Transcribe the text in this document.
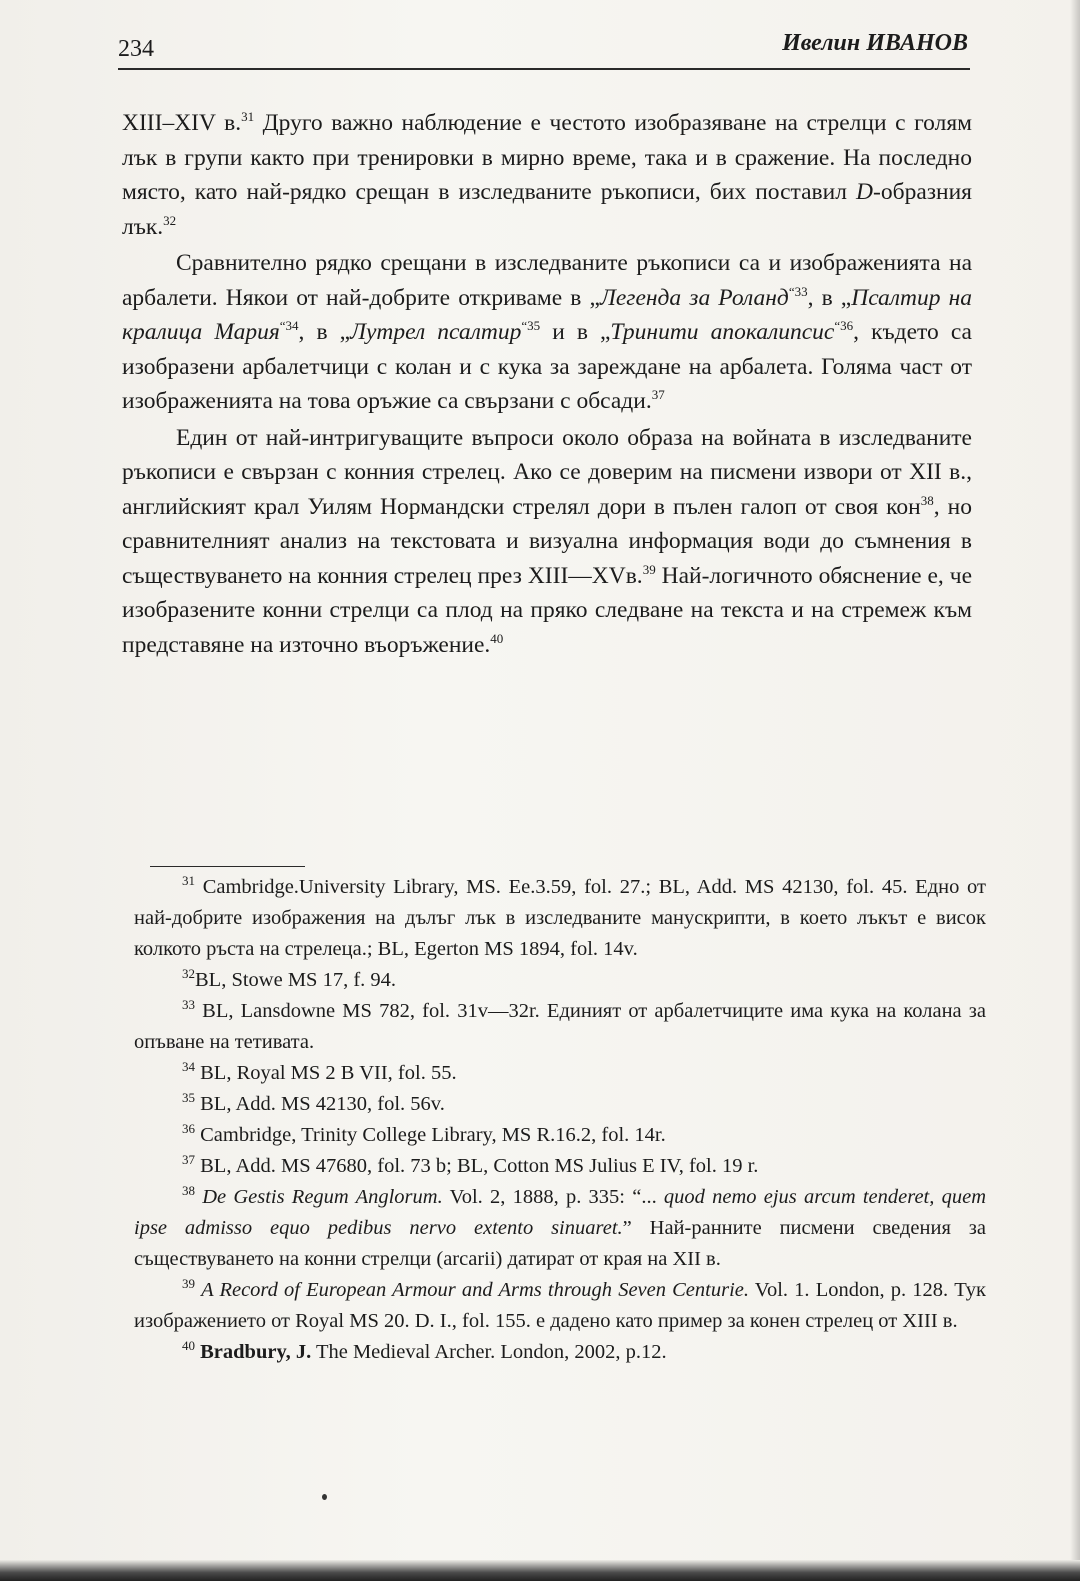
234	Ивелин ИВАНОВ

XIII–XIV в.$^{31}$ Друго важно наблюдение е честото изобразяване на стрелци с голям лък в групи както при тренировки в мирно време, така и в сражение. На последно място, като най-рядко срещан в изследваните ръкописи, бих поставил D-образния лък.$^{32}$

Сравнително рядко срещани в изследваните ръкописи са и изображенията на арбалети. Някои от най-добрите откриваме в „Легенда за Роланд$^{“33}$, в „Псалтир на кралица Мария$^{“34}$, в „Лутрел псалтир$^{“35}$ и в „Тринити апокалипсис$^{“36}$, където са изобразени арбалетчици с колан и с кука за зареждане на арбалета. Голяма част от изображенията на това оръжие са свързани с обсади.$^{37}$

Един от най-интригуващите въпроси около образа на войната в изследваните ръкописи е свързан с конния стрелец. Ако се доверим на писмени извори от XII в., английският крал Уилям Нормандски стрелял дори в пълен галоп от своя кон$^{38}$, но сравнителният анализ на текстовата и визуална информация води до съмнения в съществуването на конния стрелец през XIII—XVв.$^{39}$ Най-логичното обяснение е, че изобразените конни стрелци са плод на пряко следване на текста и на стремеж към представяне на източно въоръжение.$^{40}$

$^{31}$ Cambridge.University Library, MS. Ee.3.59, fol. 27.; BL, Add. MS 42130, fol. 45. Едно от най-добрите изображения на дълъг лък в изследваните манускрипти, в което лъкът е висок колкото ръста на стрелеца.; BL, Egerton MS 1894, fol. 14v.

$^{32}$BL, Stowe MS 17, f. 94.

$^{33}$ BL, Lansdowne MS 782, fol. 31v—32r. Единият от арбалетчиците има кука на колана за опъване на тетивата.

$^{34}$ BL, Royal MS 2 B VII, fol. 55.

$^{35}$ BL, Add. MS 42130, fol. 56v.

$^{36}$ Cambridge, Trinity College Library, MS R.16.2, fol. 14r.

$^{37}$ BL, Add. MS 47680, fol. 73 b; BL, Cotton MS Julius E IV, fol. 19 r.

$^{38}$ De Gestis Regum Anglorum. Vol. 2, 1888, p. 335: “... quod nemo ejus arcum tenderet, quem ipse admisso equo pedibus nervo extento sinuaret.” Най-ранните писмени сведения за съществуването на конни стрелци (arcarii) датират от края на XII в.

$^{39}$ A Record of European Armour and Arms through Seven Centurie. Vol. 1. London, p. 128. Тук изображението от Royal MS 20. D. I., fol. 155. е дадено като пример за конен стрелец от XIII в.

$^{40}$ Bradbury, J. The Medieval Archer. London, 2002, p.12.
